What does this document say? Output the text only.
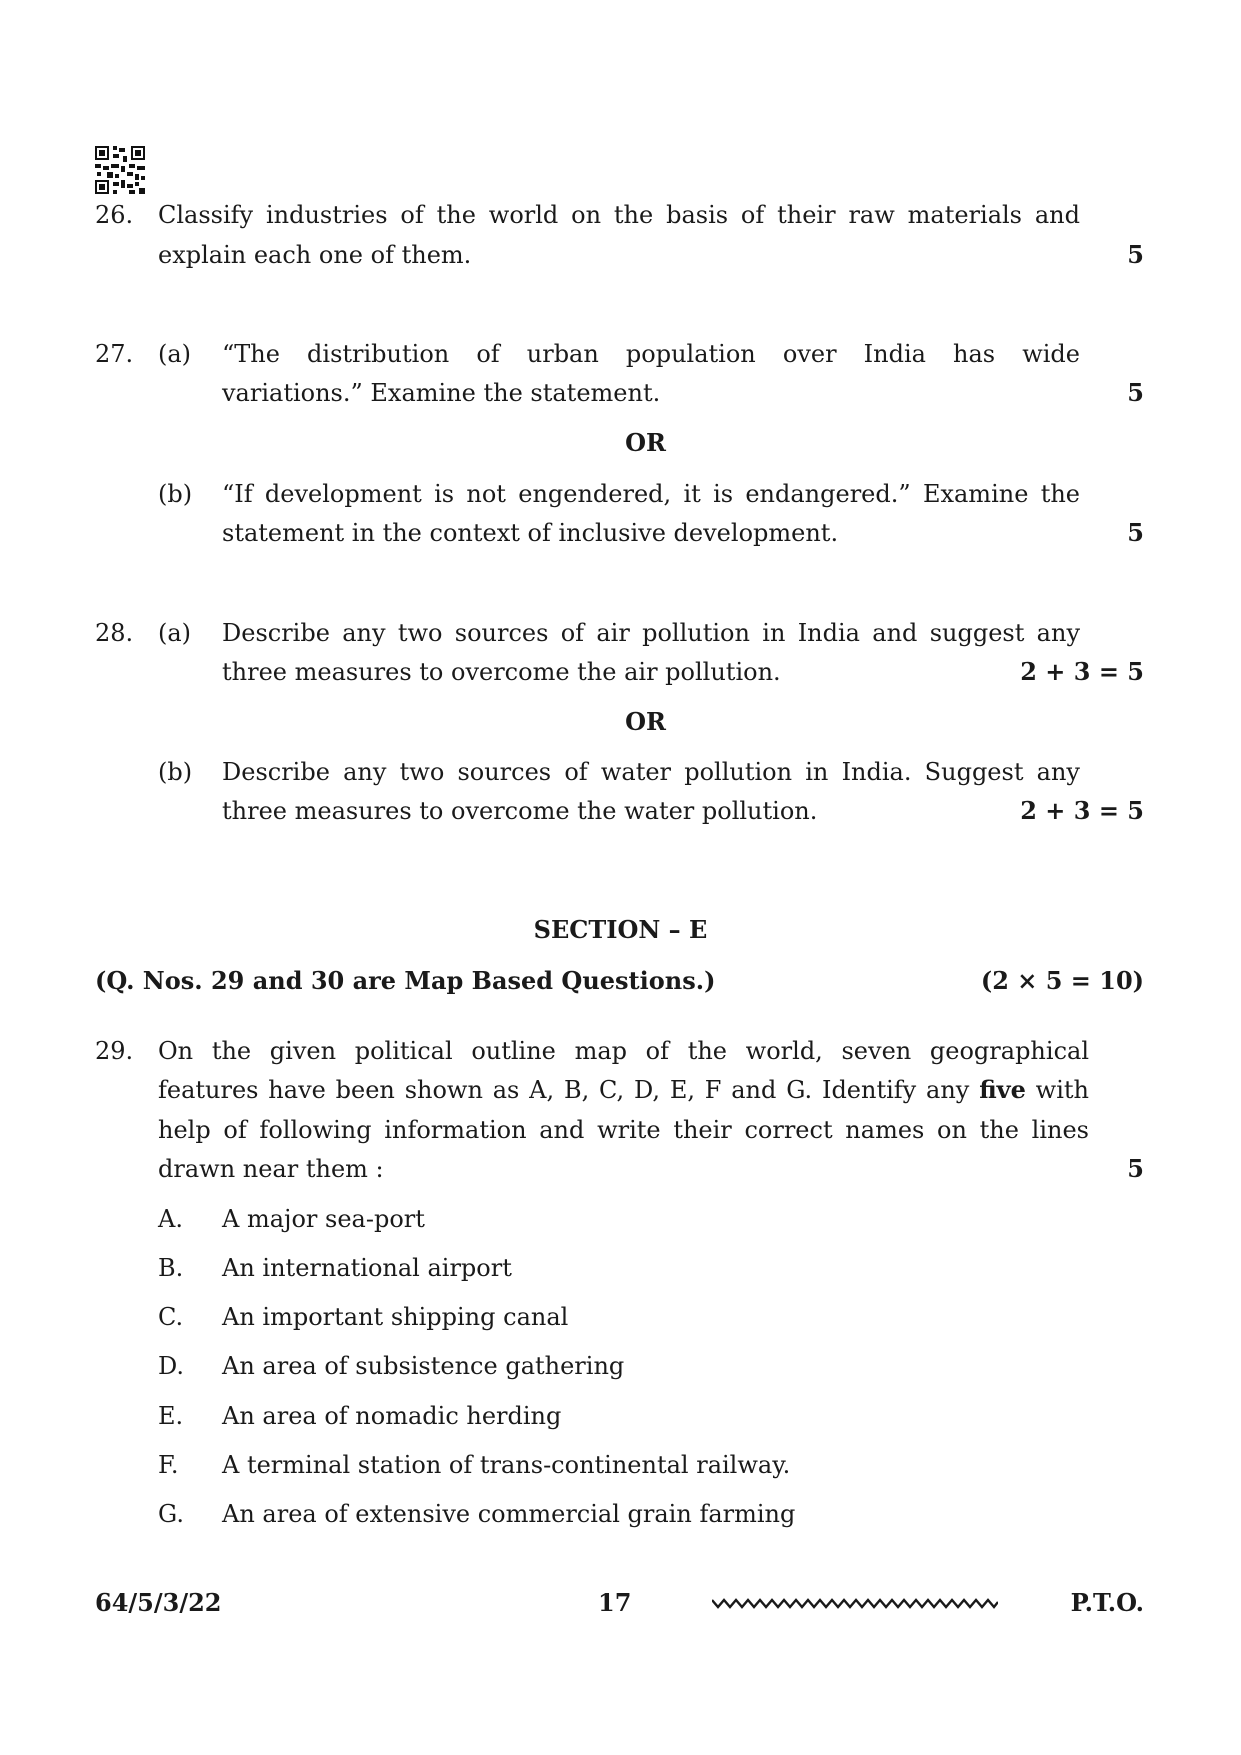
26. Classify industries of the world on the basis of their raw materials and
explain each one of them.	5
27. (a) “The distribution of urban population over India has wide
variations.” Examine the statement.	5
OR
(b) “If development is not engendered, it is endangered.” Examine the
statement in the context of inclusive development.	5
28. (a) Describe any two sources of air pollution in India and suggest any
three measures to overcome the air pollution.	2 + 3 = 5
OR
(b) Describe any two sources of water pollution in India. Suggest any
three measures to overcome the water pollution.	2 + 3 = 5
SECTION – E
(Q. Nos. 29 and 30 are Map Based Questions.)	(2 × 5 = 10)
29. On the given political outline map of the world, seven geographical
features have been shown as A, B, C, D, E, F and G. Identify any five with
help of following information and write their correct names on the lines
drawn near them :	5
A. A major sea-port
B. An international airport
C. An important shipping canal
D. An area of subsistence gathering
E. An area of nomadic herding
F. A terminal station of trans-continental railway.
G. An area of extensive commercial grain farming
64/5/3/22	17	P.T.O.
